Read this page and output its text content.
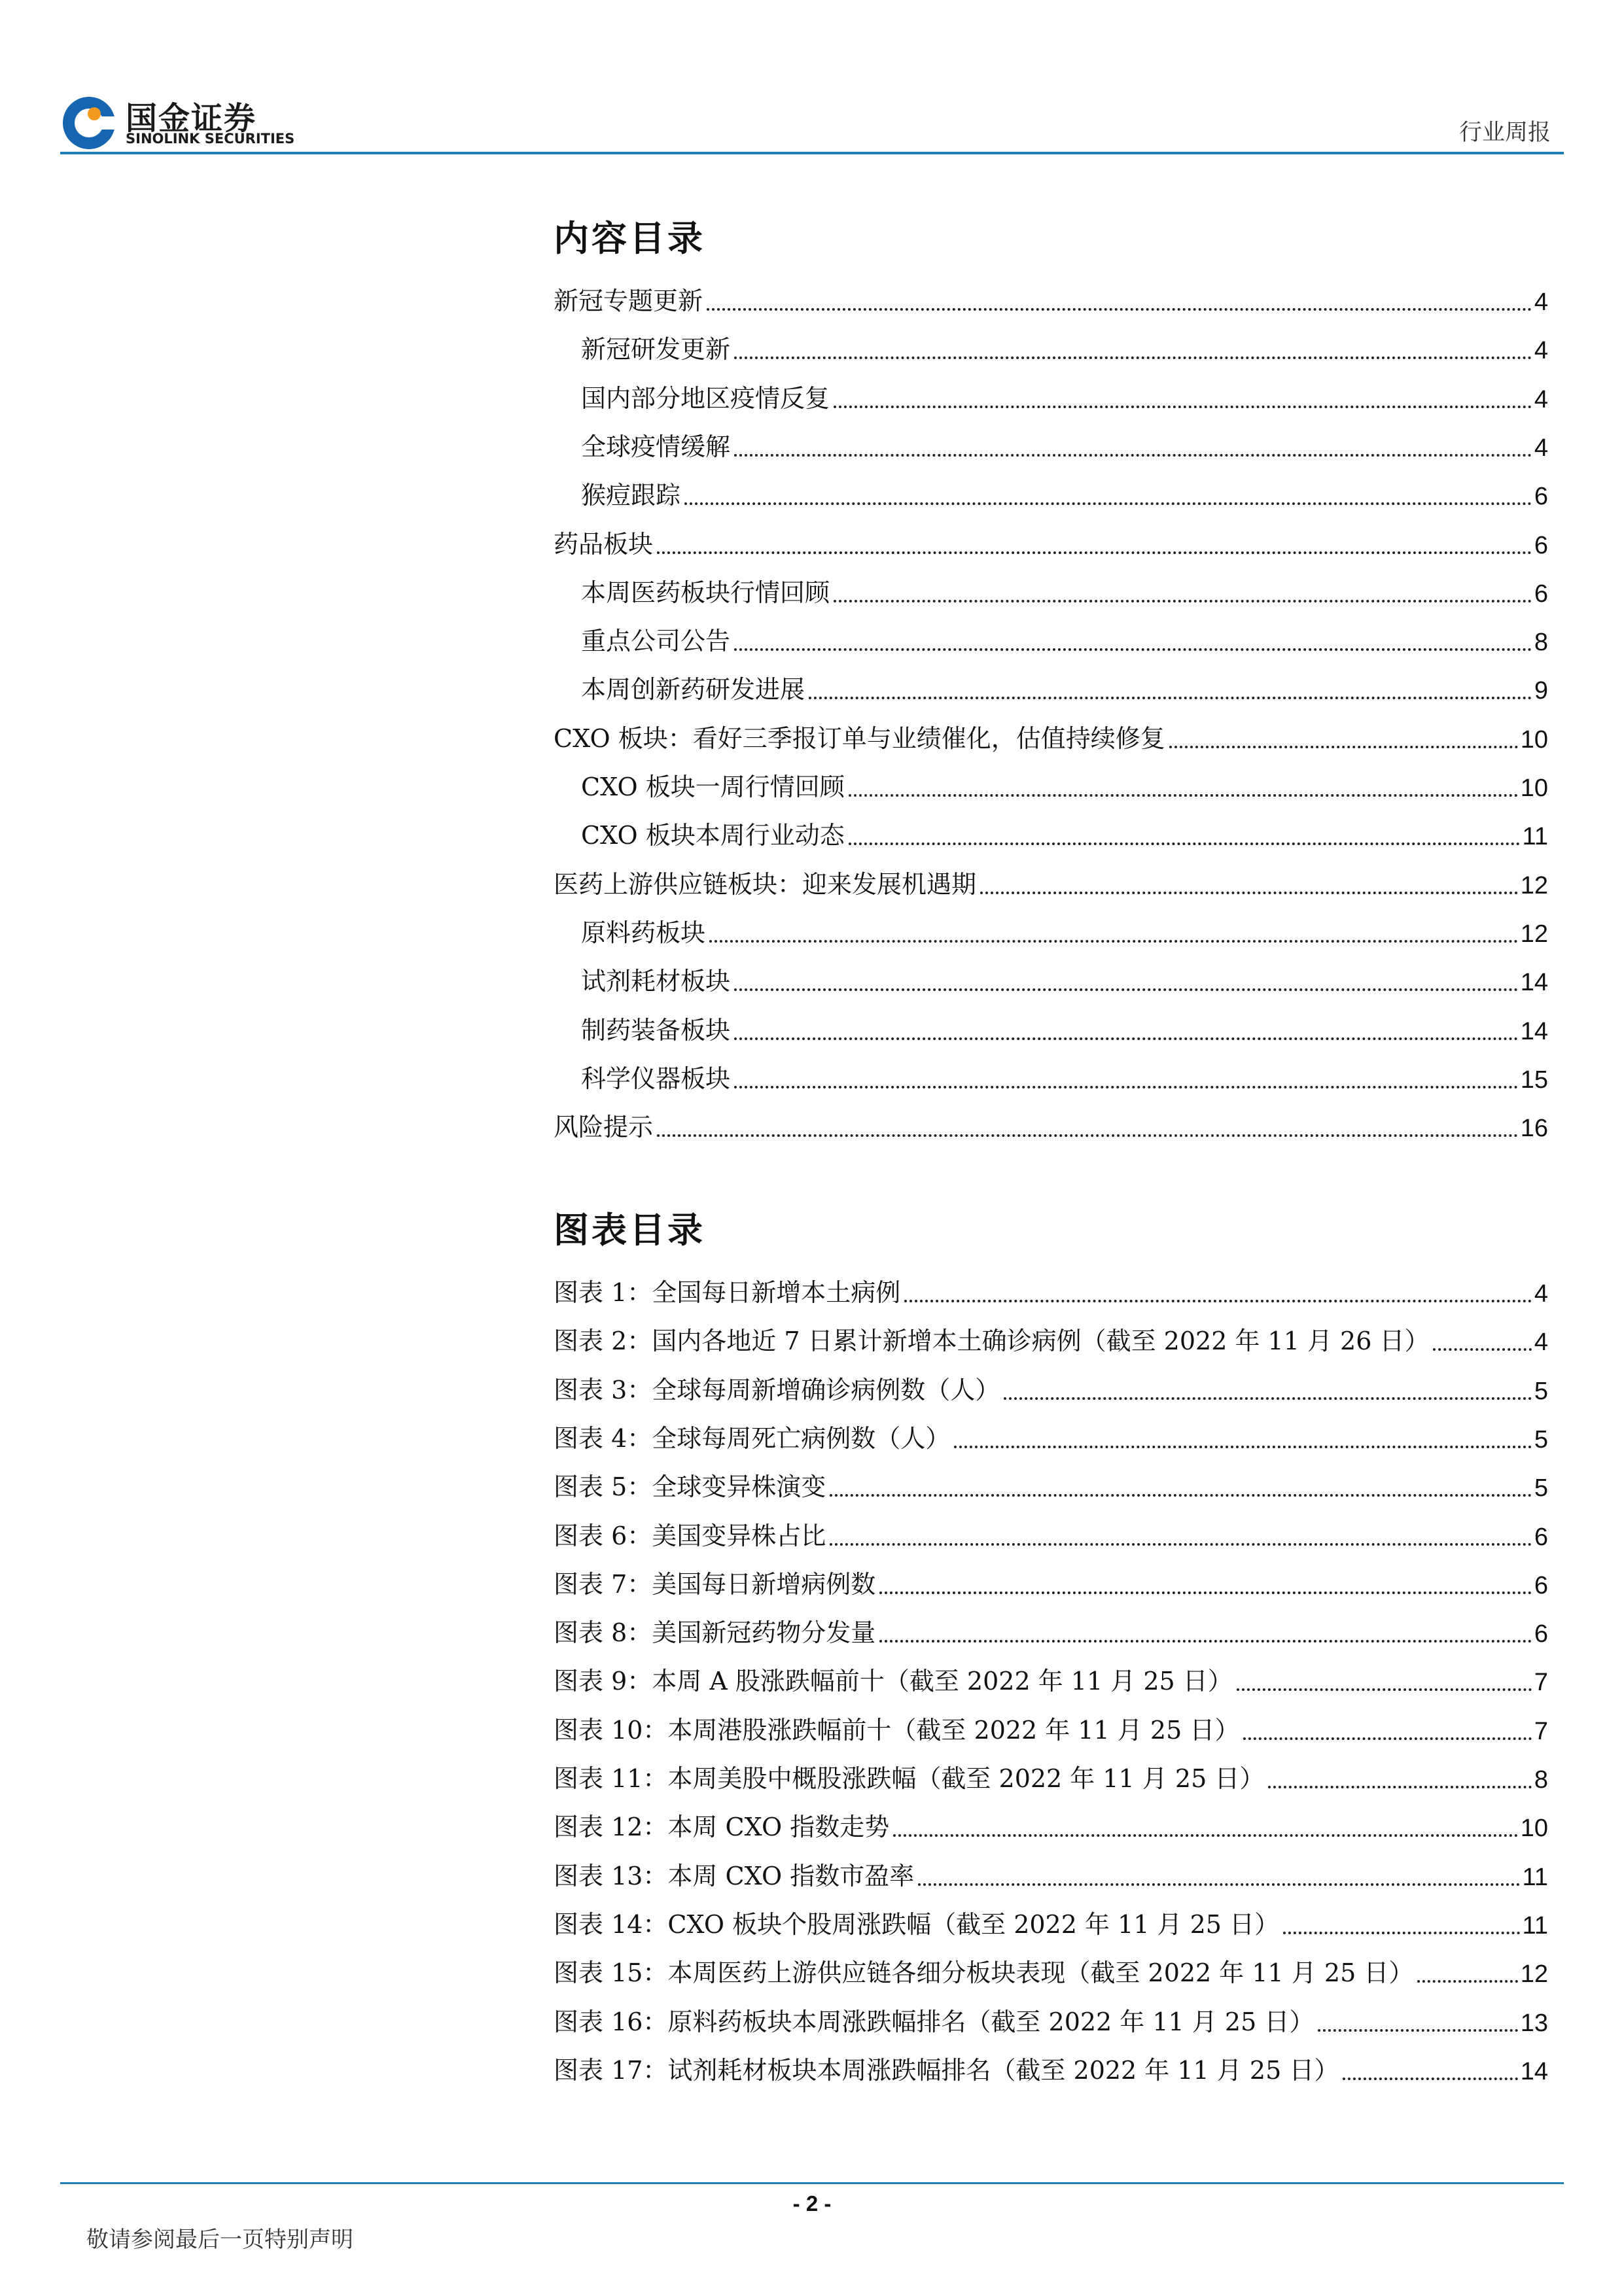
国金证券
SINOLINK SECURITIES	行业周报
内容目录
新冠专题更新	4
新冠研发更新	4
国内部分地区疫情反复	4
全球疫情缓解	4
猴痘跟踪	6
药品板块	6
本周医药板块行情回顾	6
重点公司公告	8
本周创新药研发进展	9
CXO 板块：看好三季报订单与业绩催化，估值持续修复	10
CXO 板块一周行情回顾	10
CXO 板块本周行业动态	11
医药上游供应链板块：迎来发展机遇期	12
原料药板块	12
试剂耗材板块	14
制药装备板块	14
科学仪器板块	15
风险提示	16
图表目录
图表 1：全国每日新增本土病例	4
图表 2：国内各地近 7 日累计新增本土确诊病例（截至 2022 年 11 月 26 日）	4
图表 3：全球每周新增确诊病例数（人）	5
图表 4：全球每周死亡病例数（人）	5
图表 5：全球变异株演变	5
图表 6：美国变异株占比	6
图表 7：美国每日新增病例数	6
图表 8：美国新冠药物分发量	6
图表 9：本周 A 股涨跌幅前十（截至 2022 年 11 月 25 日）	7
图表 10：本周港股涨跌幅前十（截至 2022 年 11 月 25 日）	7
图表 11：本周美股中概股涨跌幅（截至 2022 年 11 月 25 日）	8
图表 12：本周 CXO 指数走势	10
图表 13：本周 CXO 指数市盈率	11
图表 14：CXO 板块个股周涨跌幅（截至 2022 年 11 月 25 日）	11
图表 15：本周医药上游供应链各细分板块表现（截至 2022 年 11 月 25 日）	12
图表 16：原料药板块本周涨跌幅排名（截至 2022 年 11 月 25 日）	13
图表 17：试剂耗材板块本周涨跌幅排名（截至 2022 年 11 月 25 日）	14
- 2 -
敬请参阅最后一页特别声明
